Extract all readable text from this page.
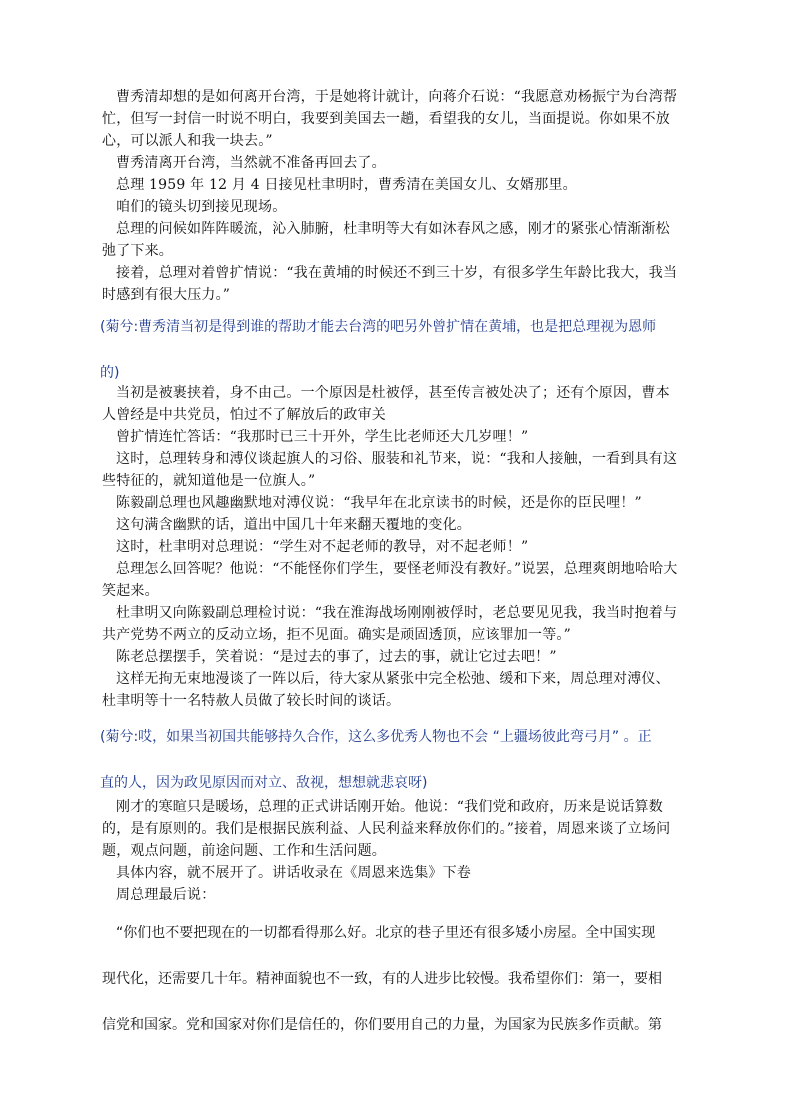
曹秀清却想的是如何离开台湾，于是她将计就计，向蒋介石说：“我愿意劝杨振宁为台湾帮忙，但写一封信一时说不明白，我要到美国去一趟，看望我的女儿，当面提说。你如果不放心，可以派人和我一块去。”

曹秀清离开台湾，当然就不准备再回去了。

总理 1959 年 12 月 4 日接见杜聿明时，曹秀清在美国女儿、女婿那里。

咱们的镜头切到接见现场。

总理的问候如阵阵暖流，沁入肺腑，杜聿明等大有如沐春风之感，刚才的紧张心情渐渐松弛了下来。

接着，总理对着曾扩情说：“我在黄埔的时候还不到三十岁，有很多学生年龄比我大，我当时感到有很大压力。”

(菊兮:曹秀清当初是得到谁的帮助才能去台湾的吧另外曾扩情在黄埔，也是把总理视为恩师
的)

当初是被裹挟着，身不由己。一个原因是杜被俘，甚至传言被处决了；还有个原因，曹本人曾经是中共党员，怕过不了解放后的政审关

曾扩情连忙答话：“我那时已三十开外，学生比老师还大几岁哩！”

这时，总理转身和溥仪谈起旗人的习俗、服装和礼节来，说：“我和人接触，一看到具有这些特征的，就知道他是一位旗人。”

陈毅副总理也风趣幽默地对溥仪说：“我早年在北京读书的时候，还是你的臣民哩！”

这句满含幽默的话，道出中国几十年来翻天覆地的变化。

这时，杜聿明对总理说：“学生对不起老师的教导，对不起老师！”

总理怎么回答呢？他说：“不能怪你们学生，要怪老师没有教好。”说罢，总理爽朗地哈哈大笑起来。

杜聿明又向陈毅副总理检讨说：“我在淮海战场刚刚被俘时，老总要见见我，我当时抱着与共产党势不两立的反动立场，拒不见面。确实是顽固透顶，应该罪加一等。”

陈老总摆摆手，笑着说：“是过去的事了，过去的事，就让它过去吧！”

这样无拘无束地漫谈了一阵以后，待大家从紧张中完全松弛、缓和下来，周总理对溥仪、杜聿明等十一名特赦人员做了较长时间的谈话。

(菊兮:哎，如果当初国共能够持久合作，这么多优秀人物也不会 “上疆场彼此弯弓月” 。正
直的人，因为政见原因而对立、敌视，想想就悲哀呀)

刚才的寒暄只是暖场，总理的正式讲话刚开始。他说：“我们党和政府，历来是说话算数的，是有原则的。我们是根据民族利益、人民利益来释放你们的。”接着，周恩来谈了立场问题，观点问题，前途问题、工作和生活问题。

具体内容，就不展开了。讲话收录在《周恩来选集》下卷

周总理最后说：

“你们也不要把现在的一切都看得那么好。北京的巷子里还有很多矮小房屋。全中国实现
现代化，还需要几十年。精神面貌也不一致，有的人进步比较慢。我希望你们：第一，要相
信党和国家。党和国家对你们是信任的，你们要用自己的力量，为国家为民族多作贡献。第
